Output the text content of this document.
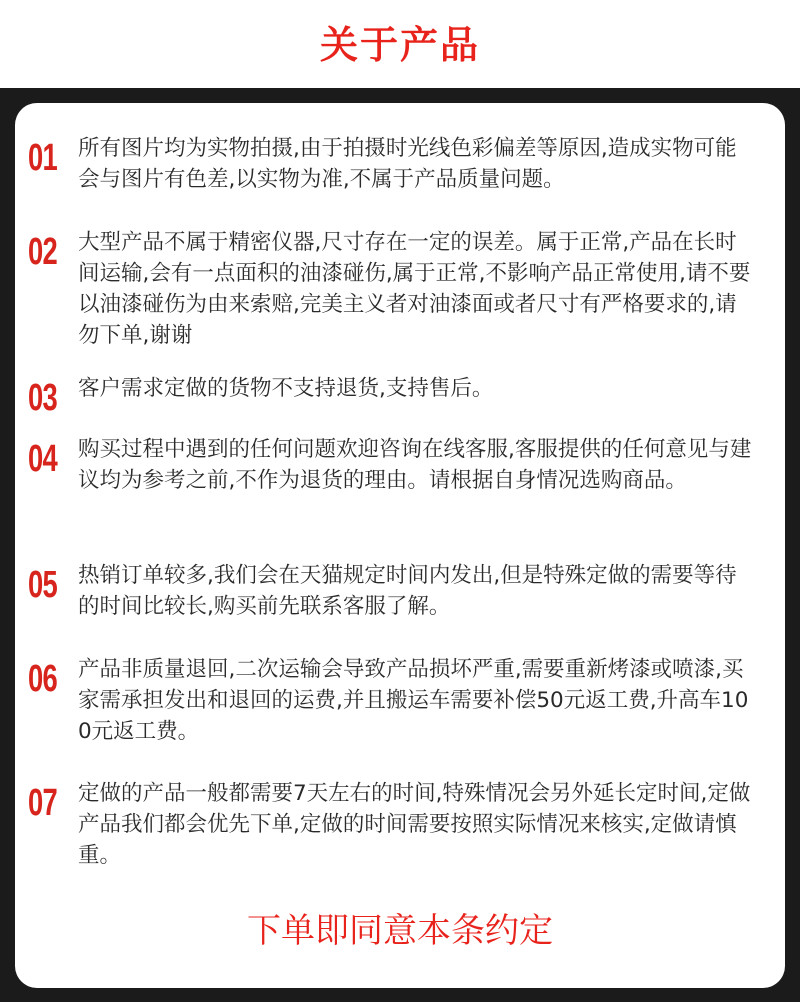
关于产品
01 所有图片均为实物拍摄,由于拍摄时光线色彩偏差等原因,造成实物可能会与图片有色差,以实物为准,不属于产品质量问题。
02 大型产品不属于精密仪器,尺寸存在一定的误差。属于正常,产品在长时间运输,会有一点面积的油漆碰伤,属于正常,不影响产品正常使用,请不要以油漆碰伤为由来索赔,完美主义者对油漆面或者尺寸有严格要求的,请勿下单,谢谢
03 客户需求定做的货物不支持退货,支持售后。
04 购买过程中遇到的任何问题欢迎咨询在线客服,客服提供的任何意见与建议均为参考之前,不作为退货的理由。请根据自身情况选购商品。
05 热销订单较多,我们会在天猫规定时间内发出,但是特殊定做的需要等待的时间比较长,购买前先联系客服了解。
06 产品非质量退回,二次运输会导致产品损坏严重,需要重新烤漆或喷漆,买家需承担发出和退回的运费,并且搬运车需要补偿50元返工费,升高车100元返工费。
07 定做的产品一般都需要7天左右的时间,特殊情况会另外延长定时间,定做产品我们都会优先下单,定做的时间需要按照实际情况来核实,定做请慎重。
下单即同意本条约定
